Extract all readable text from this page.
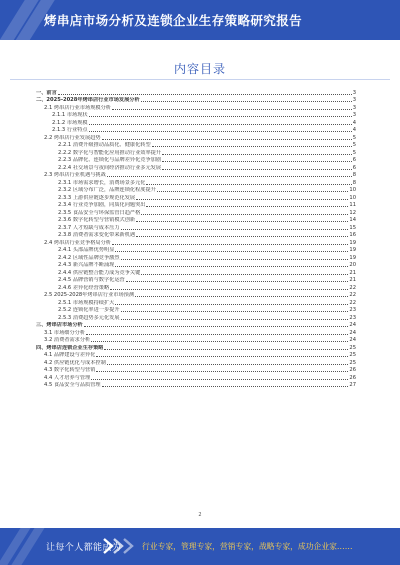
烤串店市场分析及连锁企业生存策略研究报告
内容目录
一、前言	3
二、2025-2028年烤串店行业市场发展分析	3
2.1 烤串店行业市场规模分析	3
2.1.1 市场现状	3
2.1.2 市场规模	4
2.1.3 行业特点	4
2.2 烤串店行业发展趋势	5
2.2.1 消费升级推动品质化、健康化转型	5
2.2.2 数字化与智能化应用推动行业效率提升	5
2.2.3 品牌化、连锁化与品牌差异化竞争加剧	6
2.2.4 社交场景与夜间经济推动行业多元发展	6
2.3 烤串店行业机遇与挑战	8
2.3.1 市场需求增长，消费场景多元化	8
2.3.2 区域分布广泛，品牌连锁化程度提升	10
2.3.3 上游供应链逐步规范化发展	10
2.3.4 行业竞争加剧，同质化问题突出	11
2.3.5 食品安全与环保监管日趋严格	12
2.3.6 数字化转型与营销模式创新	14
2.3.7 人才短缺与成本压力	15
2.3.8 消费者需求变化带来新机遇	16
2.4 烤串店行业竞争格局分析	19
2.4.1 头部品牌优势明显	19
2.4.2 区域性品牌竞争激烈	19
2.4.3 新兴品牌不断涌现	20
2.4.4 供应链整合能力成为竞争关键	21
2.4.5 品牌营销与数字化运营	21
2.4.6 差异化经营策略	22
2.5 2025-2028年烤串店行业市场预测	22
2.5.1 市场规模持续扩大	22
2.5.2 连锁化率进一步提升	23
2.5.3 消费趋势多元化发展	23
三、烤串店市场分析	24
3.1 市场细分分析	24
3.2 消费者需求分析	24
四、烤串店连锁企业生存策略	25
4.1 品牌建设与差异化	25
4.2 供应链优化与成本控制	25
4.3 数字化转型与营销	26
4.4 人才培养与管理	26
4.5 食品安全与品质管理	27
2
让每个人都能成为	行业专家，管理专家，营销专家，战略专家，成功企业家……
